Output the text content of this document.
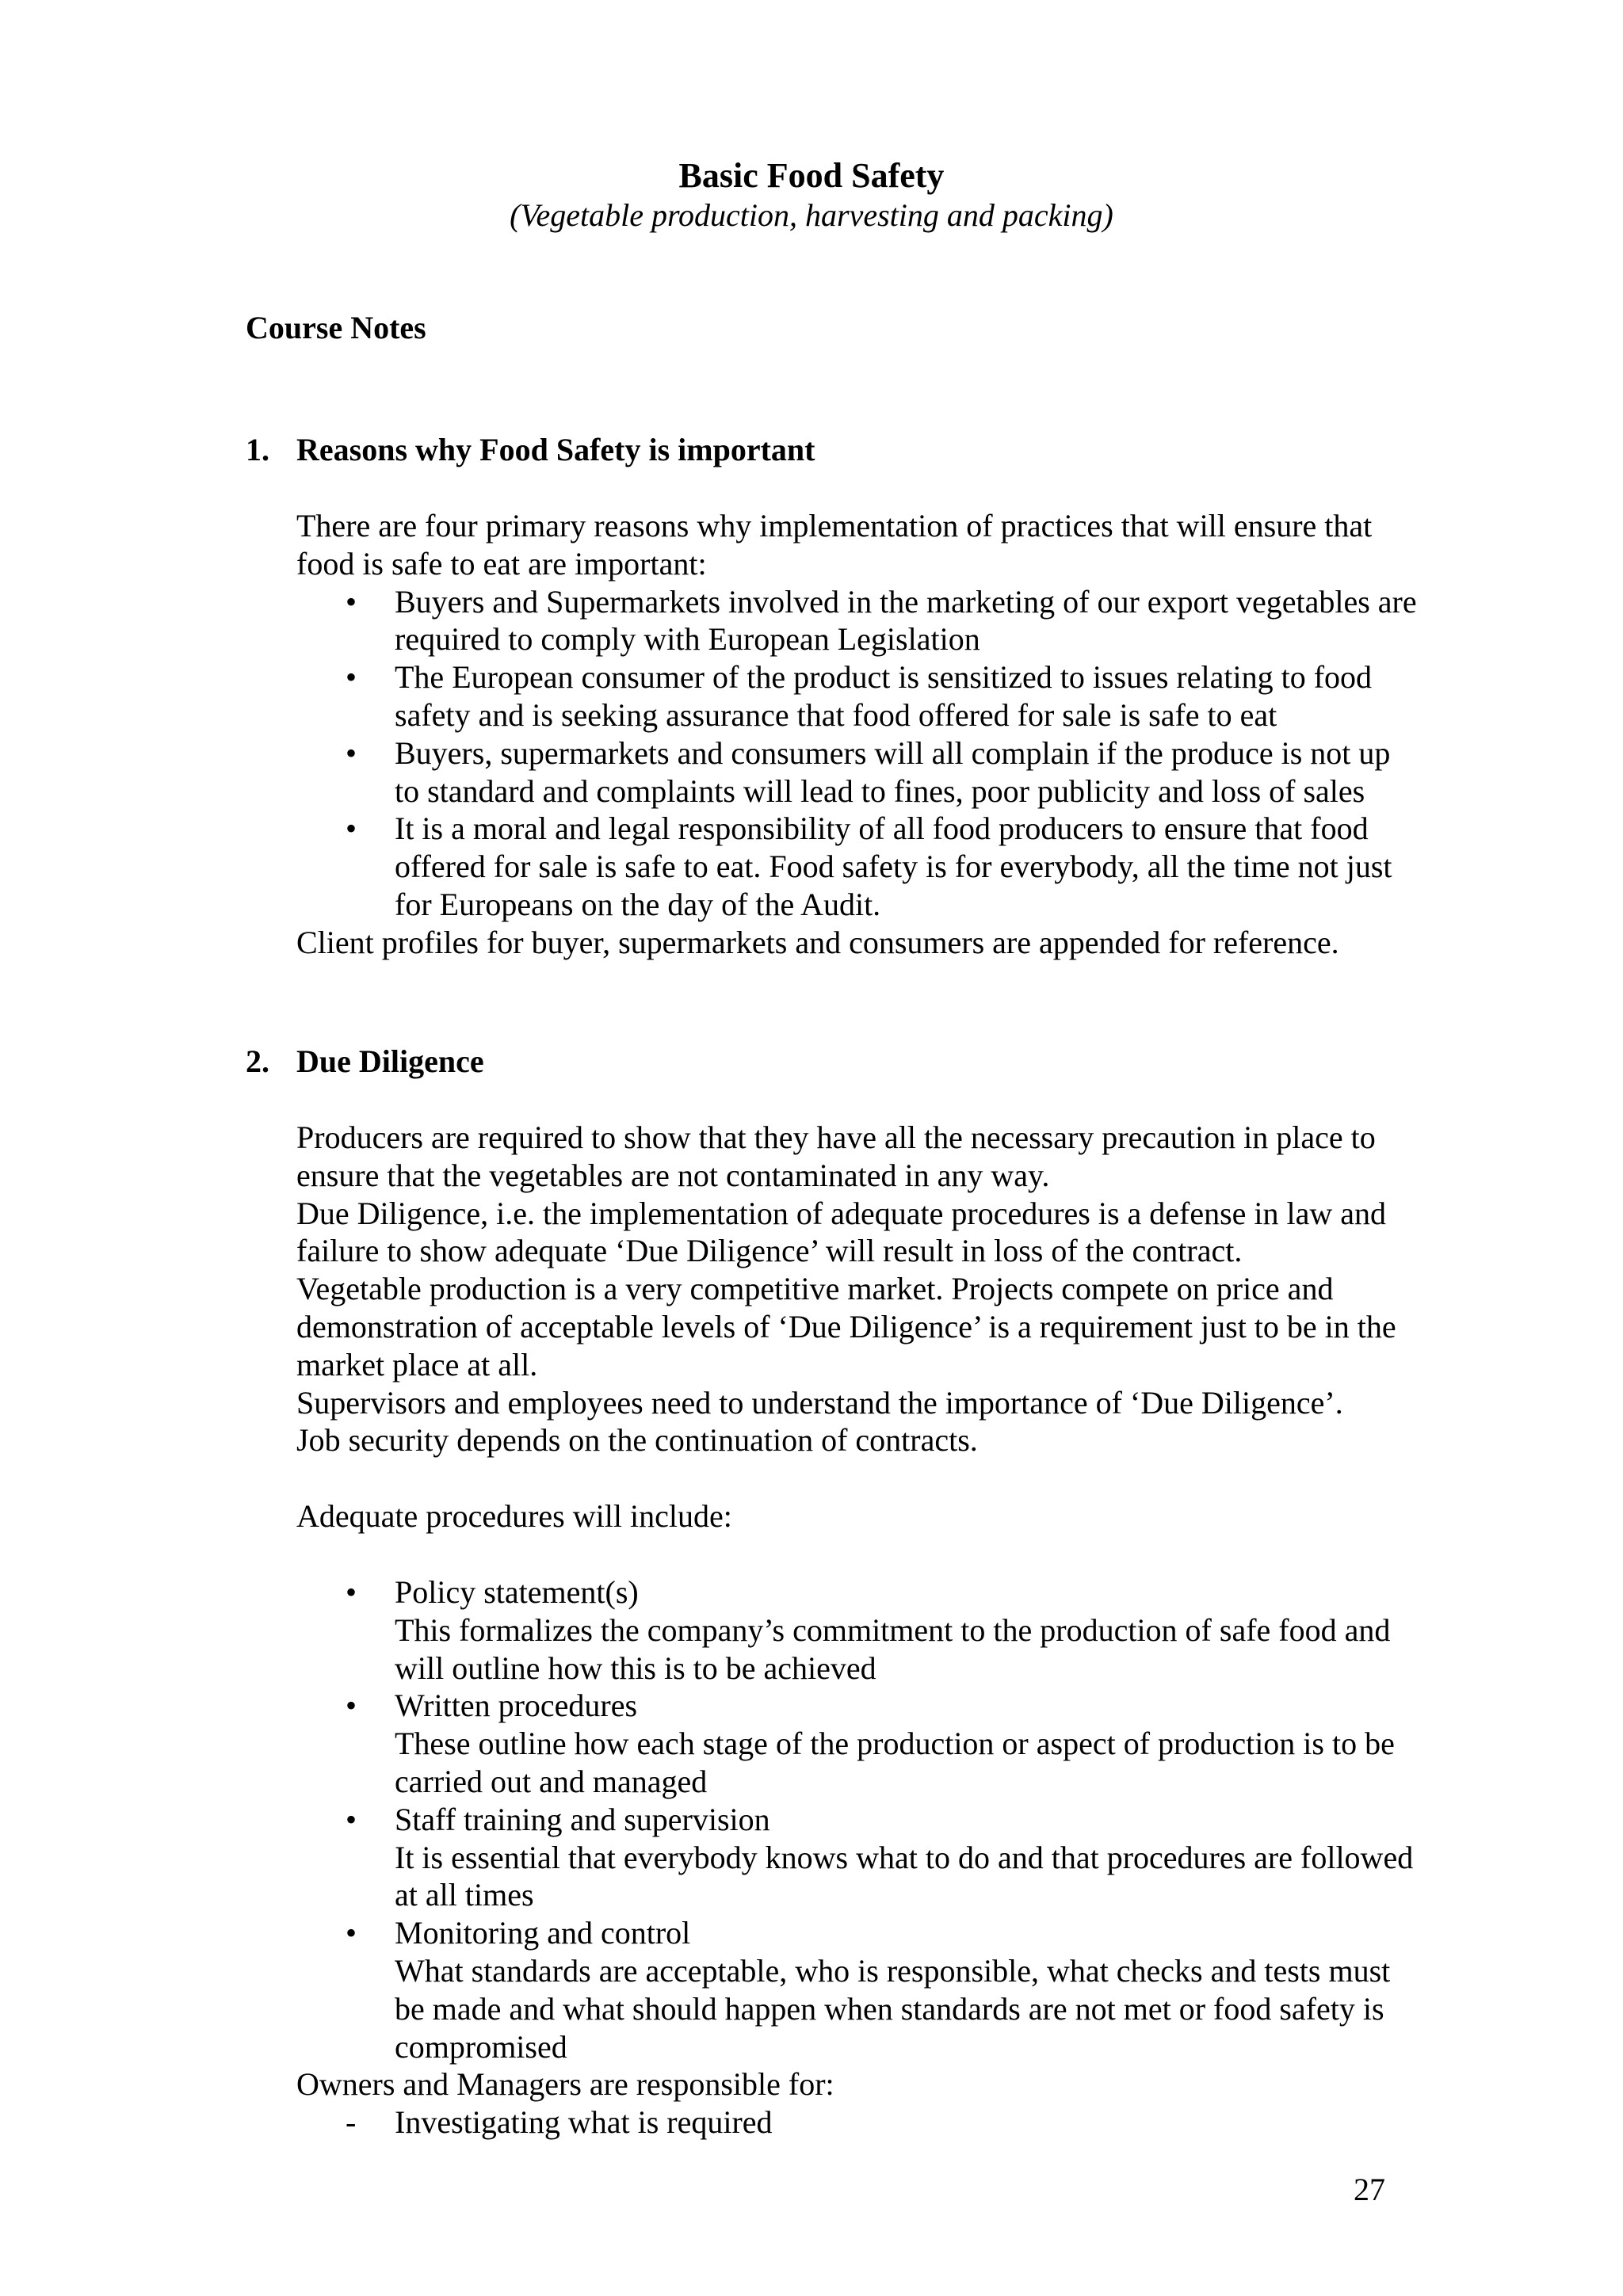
Basic Food Safety
(Vegetable production, harvesting and packing)
Course Notes
1. Reasons why Food Safety is important

There are four primary reasons why implementation of practices that will ensure that food is safe to eat are important:

• Buyers and Supermarkets involved in the marketing of our export vegetables are required to comply with European Legislation
• The European consumer of the product is sensitized to issues relating to food safety and is seeking assurance that food offered for sale is safe to eat
• Buyers, supermarkets and consumers will all complain if the produce is not up to standard and complaints will lead to fines, poor publicity and loss of sales
• It is a moral and legal responsibility of all food producers to ensure that food offered for sale is safe to eat. Food safety is for everybody, all the time not just for Europeans on the day of the Audit.

Client profiles for buyer, supermarkets and consumers are appended for reference.

2. Due Diligence

Producers are required to show that they have all the necessary precaution in place to ensure that the vegetables are not contaminated in any way.

Due Diligence, i.e. the implementation of adequate procedures is a defense in law and failure to show adequate ‘Due Diligence’ will result in loss of the contract.

Vegetable production is a very competitive market. Projects compete on price and demonstration of acceptable levels of ‘Due Diligence’ is a requirement just to be in the market place at all.

Supervisors and employees need to understand the importance of ‘Due Diligence’.

Job security depends on the continuation of contracts.

Adequate procedures will include:
• Policy statement(s)
This formalizes the company’s commitment to the production of safe food and will outline how this is to be achieved
• Written procedures
These outline how each stage of the production or aspect of production is to be carried out and managed
• Staff training and supervision
It is essential that everybody knows what to do and that procedures are followed at all times
• Monitoring and control
What standards are acceptable, who is responsible, what checks and tests must be made and what should happen when standards are not met or food safety is compromised

Owners and Managers are responsible for:

- Investigating what is required
27
